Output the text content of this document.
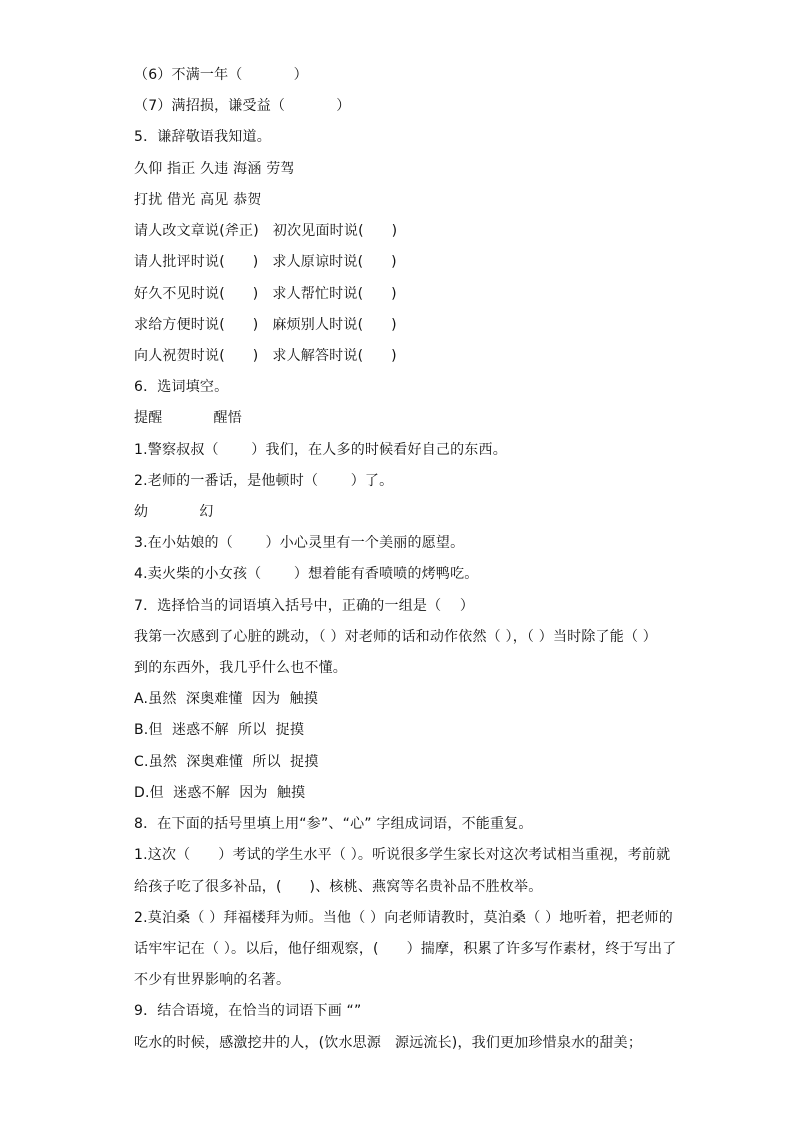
（6）不满一年（           ）
（7）满招损，谦受益（           ）
5．谦辞敬语我知道。
久仰 指正 久违 海涵 劳驾
打扰 借光 高见 恭贺
请人改文章说(斧正)   初次见面时说(      )
请人批评时说(      )   求人原谅时说(      )
好久不见时说(      )   求人帮忙时说(      )
求给方便时说(      )   麻烦别人时说(      )
向人祝贺时说(      )   求人解答时说(      )
6．选词填空。
提醒           醒悟
1.警察叔叔（       ）我们，在人多的时候看好自己的东西。
2.老师的一番话，是他顿时（       ）了。
幼           幻
3.在小姑娘的（       ）小心灵里有一个美丽的愿望。
4.卖火柴的小女孩（       ）想着能有香喷喷的烤鸭吃。
7．选择恰当的词语填入括号中，正确的一组是（    ）
我第一次感到了心脏的跳动，（ ）对老师的话和动作依然（ ），（ ）当时除了能（ ）
到的东西外，我几乎什么也不懂。
A.虽然  深奥难懂  因为  触摸
B.但  迷惑不解  所以  捉摸
C.虽然  深奥难懂  所以  捉摸
D.但  迷惑不解  因为  触摸
8．在下面的括号里填上用“参”、“心” 字组成词语，不能重复。
1.这次（      ）考试的学生水平（ ）。听说很多学生家长对这次考试相当重视，考前就
给孩子吃了很多补品，(      )、核桃、燕窝等名贵补品不胜枚举。
2.莫泊桑（ ）拜福楼拜为师。当他（ ）向老师请教时，莫泊桑（ ）地听着，把老师的
话牢牢记在（ ）。以后，他仔细观察，(      ）揣摩，积累了许多写作素材，终于写出了
不少有世界影响的名著。
9．结合语境，在恰当的词语下画 “”
吃水的时候，感激挖井的人，(饮水思源   源远流长)，我们更加珍惜泉水的甜美；
